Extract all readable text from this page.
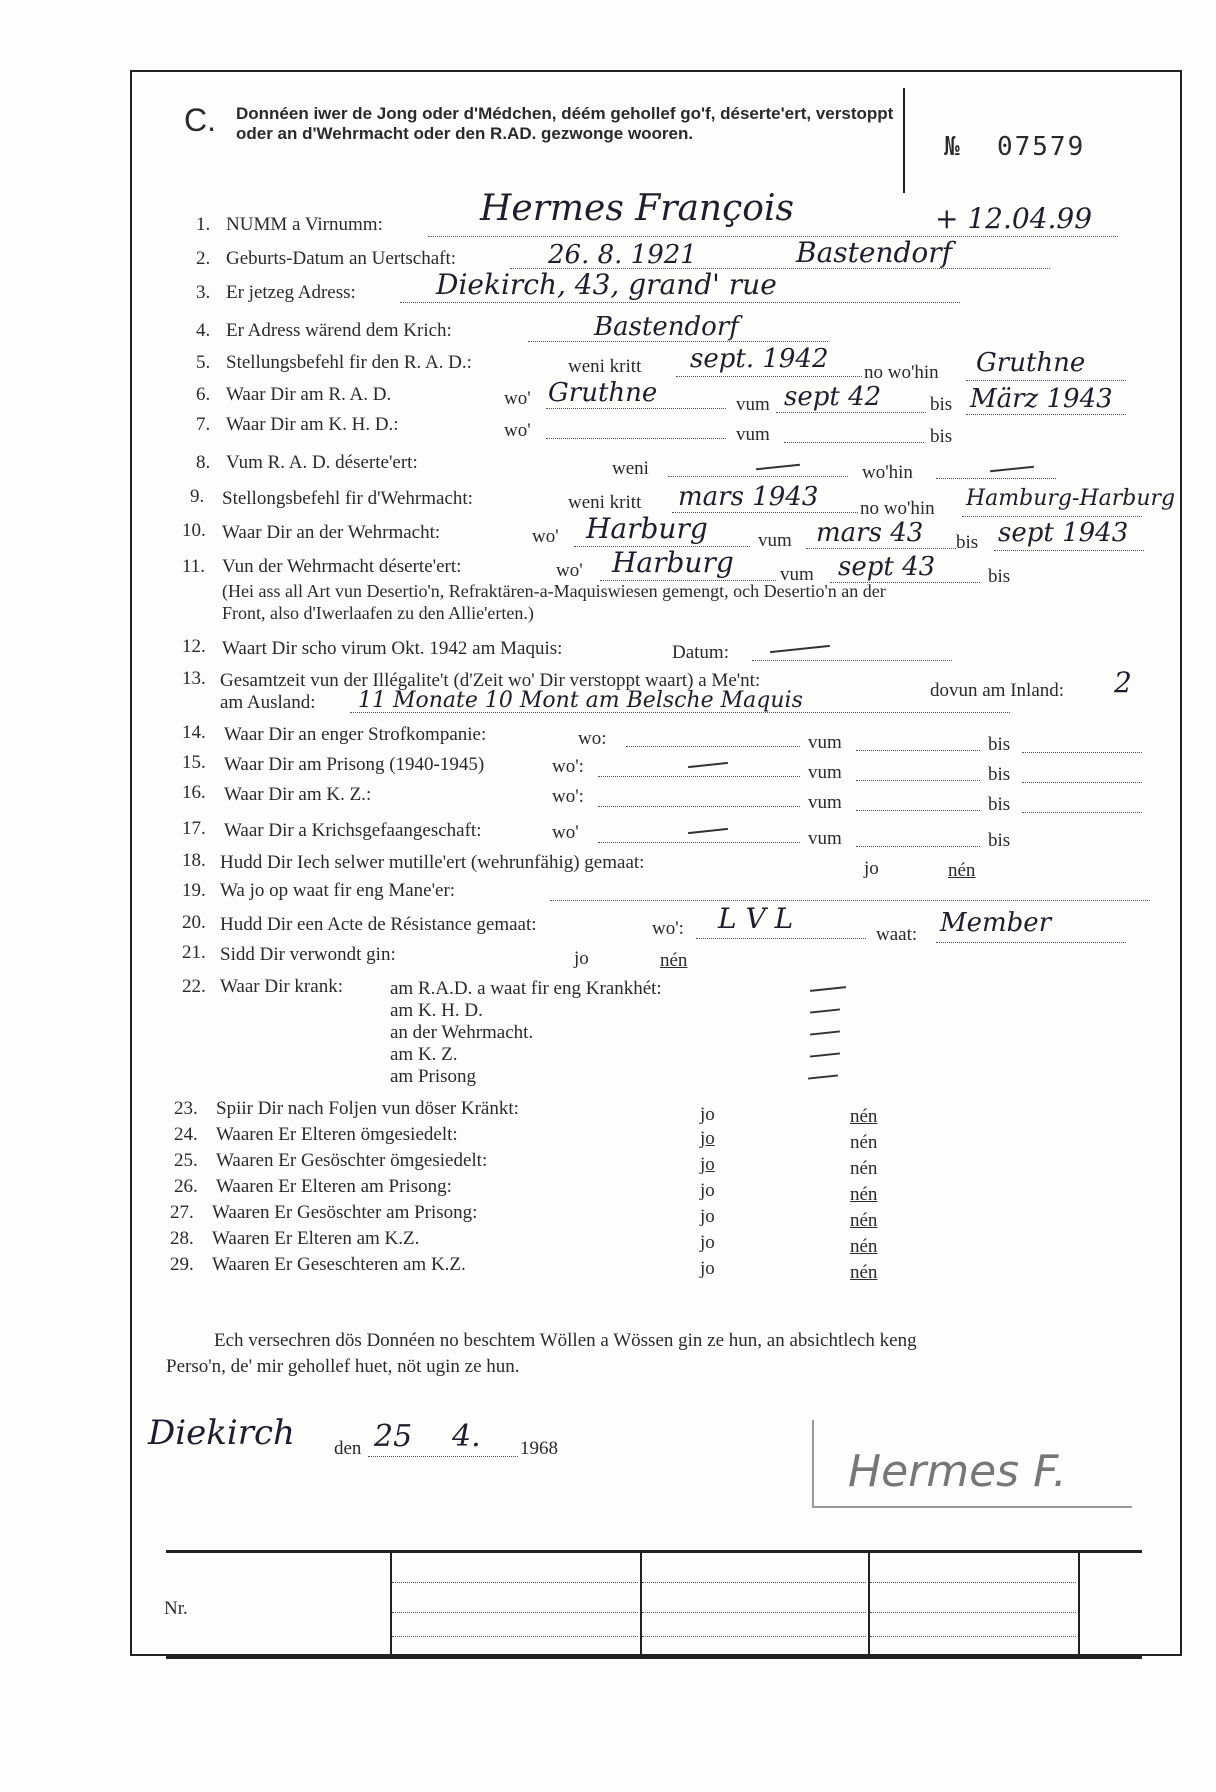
C. Donnéen iwer de Jong oder d'Médchen, déém gehollef go'f, déserte'ert, verstoppt oder an d'Wehrmacht oder den R.AD. gezwonge wooren.	№ 07579
1. NUMM a Virnumm:	Hermes François	+ 12.04.99
2. Geburts-Datum an Uertschaft:	26. 8. 1921	Bastendorf
3. Er jetzeg Adress:	Diekirch, 43, grand' rue
4. Er Adress wärend dem Krich:	Bastendorf
5. Stellungsbefehl fir den R. A. D.:	weni kritt sept. 1942 no wo'hin Gruthne
6. Waar Dir am R. A. D.	wo' Gruthne	vum sept 42	bis März 1943
7. Waar Dir am K. H. D.:	wo'	vum	bis
8. Vum R. A. D. déserte'ert:	weni	wo'hin
9. Stellongsbefehl fir d'Wehrmacht:	weni kritt mars 1943 no wo'hin Hamburg-Harburg
10. Waar Dir an der Wehrmacht:	wo' Harburg	vum mars 43 bis sept 1943
11. Vun der Wehrmacht déserte'ert:	wo' Harburg vum sept 43	bis
(Hei ass all Art vun Desertio'n, Refraktären-a-Maquiswiesen gemengt, och Desertio'n an der
Front, also d'Iwerlaafen zu den Allie'erten.)
12. Waart Dir scho virum Okt. 1942 am Maquis:	Datum:
13. Gesamtzeit vun der Illégalite't (d'Zeit wo' Dir verstoppt waart) a Me'nt:	dovun am Inland: 2
am Ausland: 11 Monate 10 Mont am Belsche Maquis
14. Waar Dir an enger Strofkompanie:	wo:	vum	bis
15. Waar Dir am Prisong (1940-1945)	wo':	vum	bis
16. Waar Dir am K. Z.:	wo':	vum	bis
17. Waar Dir a Krichsgefaangeschaft:	wo'	vum	bis
18. Hudd Dir Iech selwer mutille'ert (wehrunfähig) gemaat:	jo	nén
19. Wa jo op waat fir eng Mane'er:
20. Hudd Dir een Acte de Résistance gemaat:	wo': L V L	waat: Member
21. Sidd Dir verwondt gin:	jo	nén
22. Waar Dir krank: am R.A.D. a waat fir eng Krankhét:
am K. H. D.
an der Wehrmacht.
am K. Z.
am Prisong
23. Spiir Dir nach Foljen vun döser Kränkt:	jo	nén
24. Waaren Er Elteren ömgesiedelt:	jo	nén
25. Waaren Er Gesöschter ömgesiedelt:	jo	nén
26. Waaren Er Elteren am Prisong:	jo	nén
27. Waaren Er Gesöschter am Prisong:	jo	nén
28. Waaren Er Elteren am K.Z.	jo	nén
29. Waaren Er Geseschteren am K.Z.	jo	nén
Ech versechren dös Donnéen no beschtem Wöllen a Wössen gin ze hun, an absichtlech keng
Perso'n, de' mir gehollef huet, nöt ugin ze hun.
Diekirch den 25 4. 1968	Hermes F.
Nr.
